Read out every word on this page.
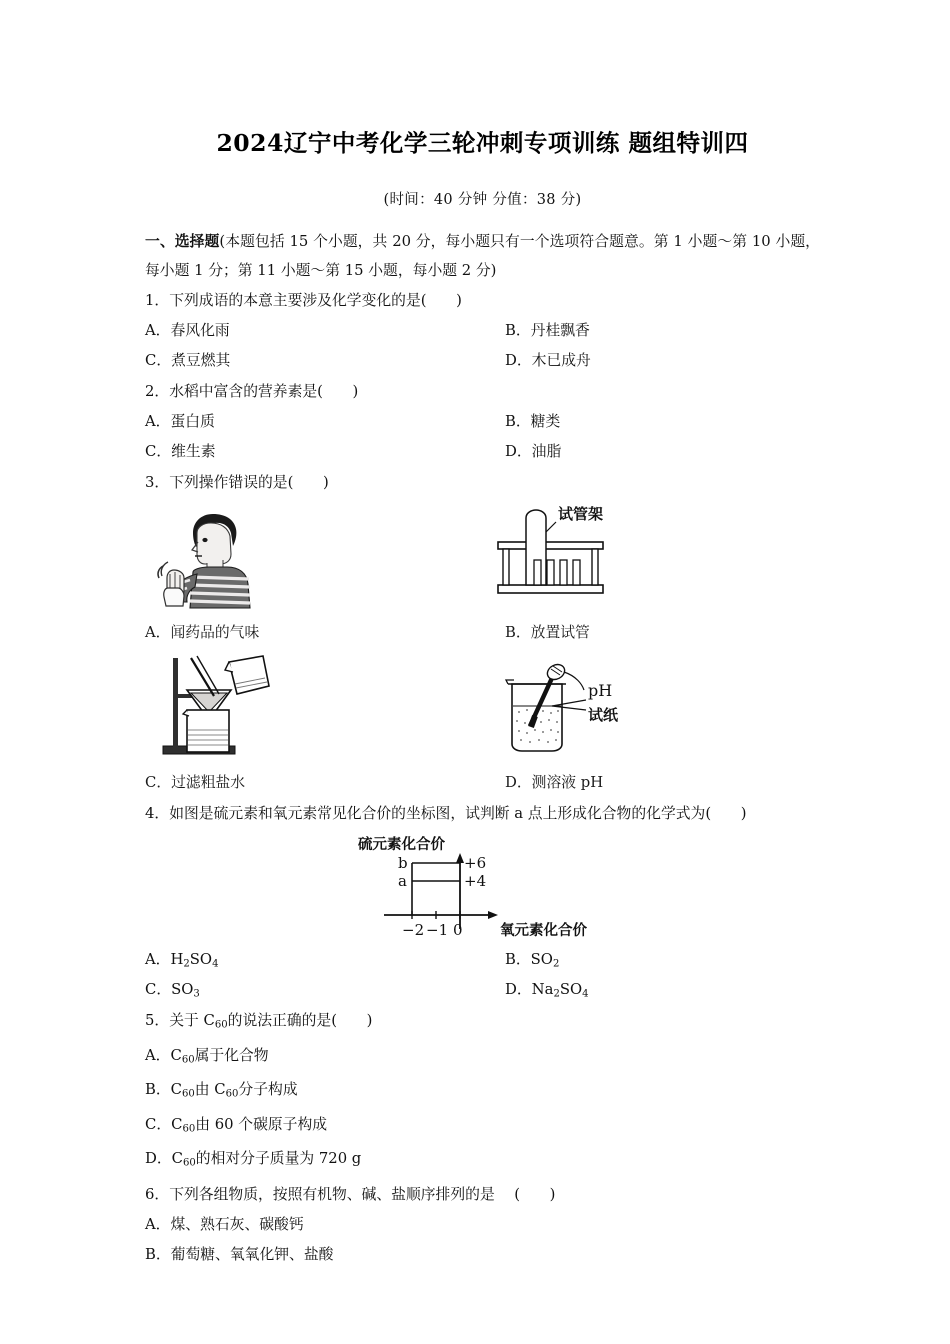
2024辽宁中考化学三轮冲刺专项训练 题组特训四
(时间：40 分钟 分值：38 分)
一、选择题(本题包括 15 个小题，共 20 分，每小题只有一个选项符合题意。第 1 小题～第 10 小题，每小题 1 分；第 11 小题～第 15 小题，每小题 2 分)
1．下列成语的本意主要涉及化学变化的是(　　)
A．春风化雨	B．丹桂飘香
C．煮豆燃其	D．木已成舟
2．水稻中富含的营养素是(　　)
A．蛋白质	B．糖类
C．维生素	D．油脂
3．下列操作错误的是(　　)
试管架
A．闻药品的气味	B．放置试管
pH
试纸
C．过滤粗盐水	D．测溶液 pH
4．如图是硫元素和氧元素常见化合价的坐标图，试判断 a 点上形成化合物的化学式为(　　)
硫元素化合价
+6
+4
b
a
−2 −1 0	氧元素化合价
A．$H_2SO_4$	B．$SO_2$
C．$SO_3$	D．$Na_2SO_4$
5．关于 $C_{60}$的说法正确的是(　　)
A．$C_{60}$属于化合物
B．$C_{60}$由 $C_{60}$分子构成
C．$C_{60}$由 60 个碳原子构成
D．$C_{60}$的相对分子质量为 720 g
6．下列各组物质，按照有机物、碱、盐顺序排列的是　 (　　)
A．煤、熟石灰、碳酸钙
B．葡萄糖、氧氧化钾、盐酸
